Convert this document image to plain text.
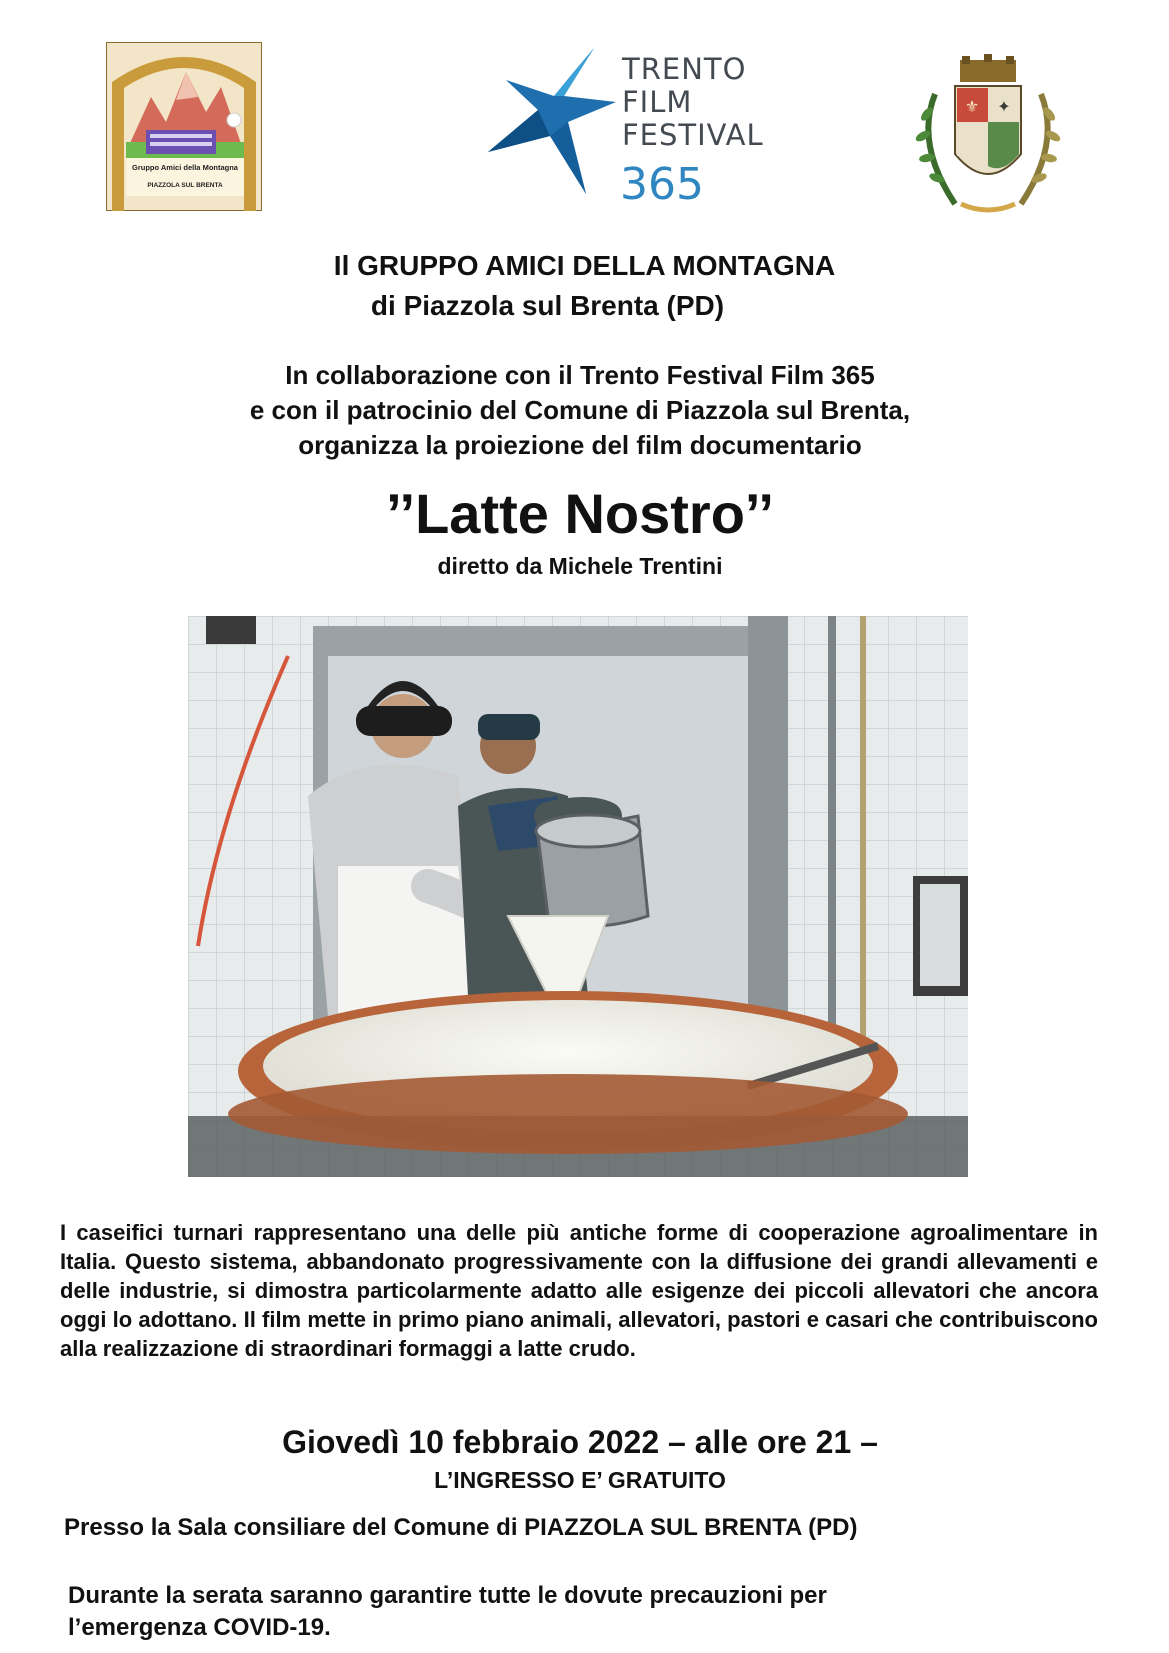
Gruppo Amici della Montagna
PIAZZOLA SUL BRENTA
TRENTO
FILM
FESTIVAL
365
⚜ ✦
Il GRUPPO AMICI DELLA MONTAGNA
di Piazzola sul Brenta (PD)
In collaborazione con il Trento Festival Film 365
e con il patrocinio del Comune di Piazzola sul Brenta,
organizza la proiezione del film documentario
’’Latte Nostro’’
diretto da Michele Trentini
I caseifici turnari rappresentano una delle più antiche forme di cooperazione agroalimentare in Italia. Questo sistema, abbandonato progressivamente con la diffusione dei grandi allevamenti e delle industrie, si dimostra particolarmente adatto alle esigenze dei piccoli allevatori che ancora oggi lo adottano. Il film mette in primo piano animali, allevatori, pastori e casari che contribuiscono alla realizzazione di straordinari formaggi a latte crudo.
Giovedì 10 febbraio 2022 – alle ore 21 –
L’INGRESSO E’ GRATUITO
Presso la Sala consiliare del Comune di PIAZZOLA SUL BRENTA (PD)
Durante la serata saranno garantire tutte le dovute precauzioni per
l’emergenza COVID-19.
